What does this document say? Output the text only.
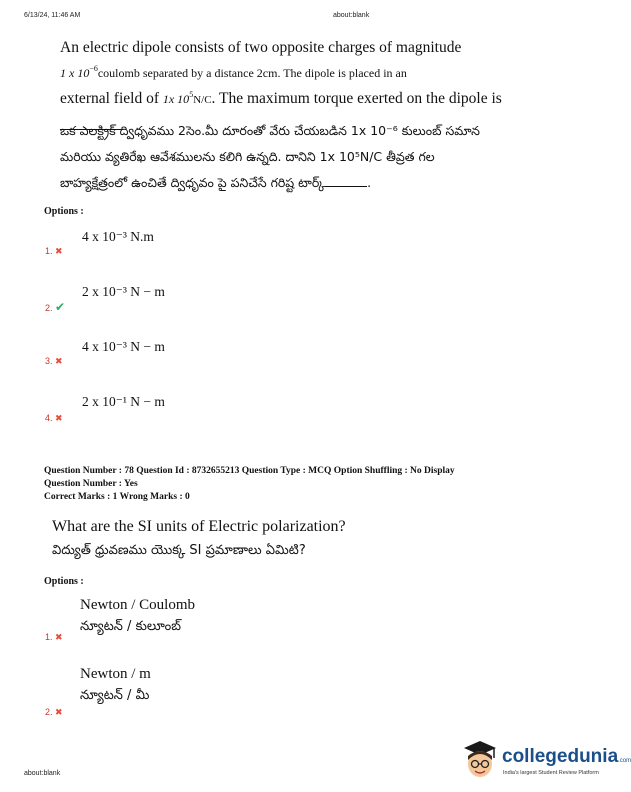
6/13/24, 11:46 AM	about:blank
An electric dipole consists of two opposite charges of magnitude
1 x $10^{-6}coulomb$ separated by a distance 2cm. The dipole is placed in an
external field of 1x $10^5N/C$. The maximum torque exerted on the dipole is
ఒక ఎలక్ట్రిక్ ద్విధృవము 2సెం.మీ దూరంతో వేరు చేయబడిన 1x 10⁻⁶ కులుంబ్ సమాన
మరియు వ్యతిరేఖ ఆవేశములను కలిగి ఉన్నది. దానిని 1x 10⁵N/C తీవ్రత గల
బాహ్యక్షేత్రంలో ఉంచితే ద్విధృవం పై పనిచేసే గరిష్ట టార్క్	.
Options :
4 x 10⁻³ N.m
1. ✖
2 x 10⁻³ N − m
2. ✔
4 x 10⁻³ N − m
3. ✖
2 x 10⁻¹ N − m
4. ✖
Question Number : 78 Question Id : 8732655213 Question Type : MCQ Option Shuffling : No Display
Question Number : Yes
Correct Marks : 1 Wrong Marks : 0
What are the SI units of Electric polarization?
విద్యుత్ ధ్రువణము యొక్క SI ప్రమాణాలు ఏమిటి?
Options :
Newton / Coulomb
న్యూటన్ / కులూంబ్
1. ✖
Newton / m
న్యూటన్ / మీ
2. ✖
about:blank
collegedunia.com
India's largest Student Review Platform
